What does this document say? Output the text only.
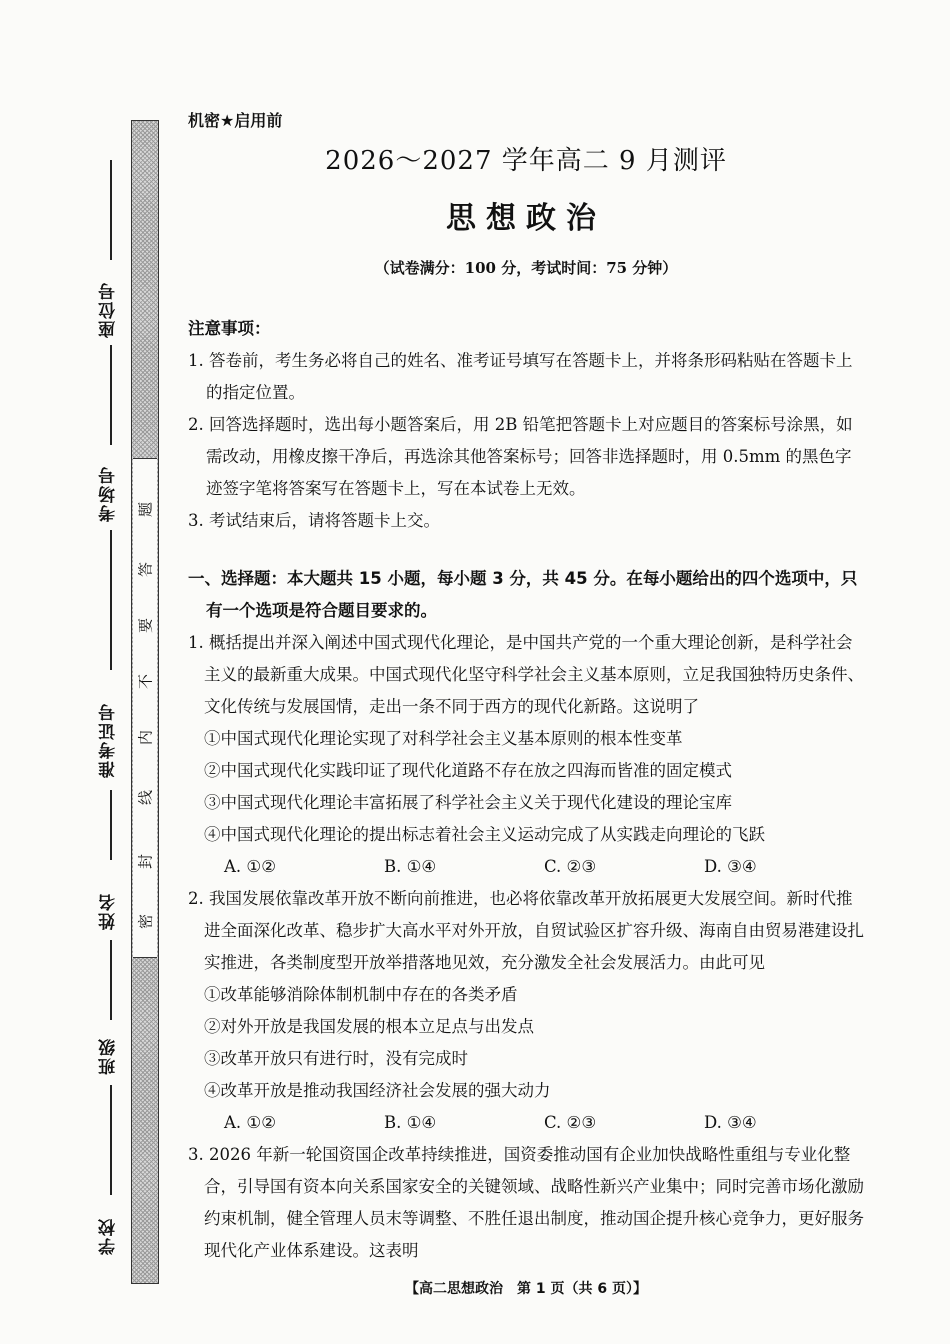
座位号
考场号
准考证号
姓名
班级
学校
密
封
线
内
不
要
答
题
机密★启用前
2026～2027 学年高二 9 月测评
思想政治
（试卷满分：100 分，考试时间：75 分钟）
注意事项：
1. 答卷前，考生务必将自己的姓名、准考证号填写在答题卡上，并将条形码粘贴在答题卡上的指定位置。
2. 回答选择题时，选出每小题答案后，用 2B 铅笔把答题卡上对应题目的答案标号涂黑，如需改动，用橡皮擦干净后，再选涂其他答案标号；回答非选择题时，用 0.5mm 的黑色字迹签字笔将答案写在答题卡上，写在本试卷上无效。
3. 考试结束后，请将答题卡上交。
一、选择题：本大题共 15 小题，每小题 3 分，共 45 分。在每小题给出的四个选项中，只有一个选项是符合题目要求的。
1. 概括提出并深入阐述中国式现代化理论，是中国共产党的一个重大理论创新，是科学社会主义的最新重大成果。中国式现代化坚守科学社会主义基本原则，立足我国独特历史条件、文化传统与发展国情，走出一条不同于西方的现代化新路。这说明了
①中国式现代化理论实现了对科学社会主义基本原则的根本性变革
②中国式现代化实践印证了现代化道路不存在放之四海而皆准的固定模式
③中国式现代化理论丰富拓展了科学社会主义关于现代化建设的理论宝库
④中国式现代化理论的提出标志着社会主义运动完成了从实践走向理论的飞跃
A. ①②	B. ①④	C. ②③	D. ③④
2. 我国发展依靠改革开放不断向前推进，也必将依靠改革开放拓展更大发展空间。新时代推进全面深化改革、稳步扩大高水平对外开放，自贸试验区扩容升级、海南自由贸易港建设扎实推进，各类制度型开放举措落地见效，充分激发全社会发展活力。由此可见
①改革能够消除体制机制中存在的各类矛盾
②对外开放是我国发展的根本立足点与出发点
③改革开放只有进行时，没有完成时
④改革开放是推动我国经济社会发展的强大动力
A. ①②	B. ①④	C. ②③	D. ③④
3. 2026 年新一轮国资国企改革持续推进，国资委推动国有企业加快战略性重组与专业化整合，引导国有资本向关系国家安全的关键领域、战略性新兴产业集中；同时完善市场化激励约束机制，健全管理人员末等调整、不胜任退出制度，推动国企提升核心竞争力，更好服务现代化产业体系建设。这表明
【高二思想政治　第 1 页（共 6 页）】
